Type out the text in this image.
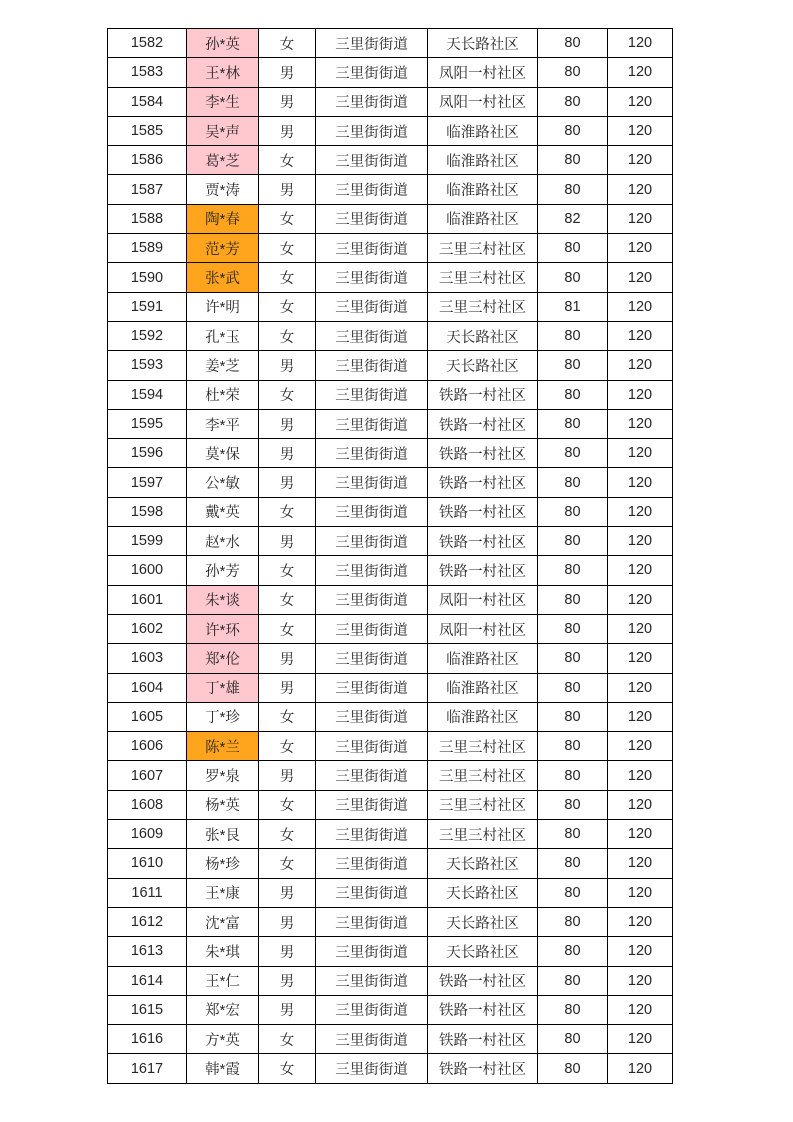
1582	孙*英	女	三里街街道	天长路社区	80	120
1583	王*林	男	三里街街道	凤阳一村社区	80	120
1584	李*生	男	三里街街道	凤阳一村社区	80	120
1585	吴*声	男	三里街街道	临淮路社区	80	120
1586	葛*芝	女	三里街街道	临淮路社区	80	120
1587	贾*涛	男	三里街街道	临淮路社区	80	120
1588	陶*春	女	三里街街道	临淮路社区	82	120
1589	范*芳	女	三里街街道	三里三村社区	80	120
1590	张*武	女	三里街街道	三里三村社区	80	120
1591	许*明	女	三里街街道	三里三村社区	81	120
1592	孔*玉	女	三里街街道	天长路社区	80	120
1593	姜*芝	男	三里街街道	天长路社区	80	120
1594	杜*荣	女	三里街街道	铁路一村社区	80	120
1595	李*平	男	三里街街道	铁路一村社区	80	120
1596	莫*保	男	三里街街道	铁路一村社区	80	120
1597	公*敏	男	三里街街道	铁路一村社区	80	120
1598	戴*英	女	三里街街道	铁路一村社区	80	120
1599	赵*水	男	三里街街道	铁路一村社区	80	120
1600	孙*芳	女	三里街街道	铁路一村社区	80	120
1601	朱*谈	女	三里街街道	凤阳一村社区	80	120
1602	许*环	女	三里街街道	凤阳一村社区	80	120
1603	郑*伦	男	三里街街道	临淮路社区	80	120
1604	丁*雄	男	三里街街道	临淮路社区	80	120
1605	丁*珍	女	三里街街道	临淮路社区	80	120
1606	陈*兰	女	三里街街道	三里三村社区	80	120
1607	罗*泉	男	三里街街道	三里三村社区	80	120
1608	杨*英	女	三里街街道	三里三村社区	80	120
1609	张*艮	女	三里街街道	三里三村社区	80	120
1610	杨*珍	女	三里街街道	天长路社区	80	120
1611	王*康	男	三里街街道	天长路社区	80	120
1612	沈*富	男	三里街街道	天长路社区	80	120
1613	朱*琪	男	三里街街道	天长路社区	80	120
1614	王*仁	男	三里街街道	铁路一村社区	80	120
1615	郑*宏	男	三里街街道	铁路一村社区	80	120
1616	方*英	女	三里街街道	铁路一村社区	80	120
1617	韩*霞	女	三里街街道	铁路一村社区	80	120
